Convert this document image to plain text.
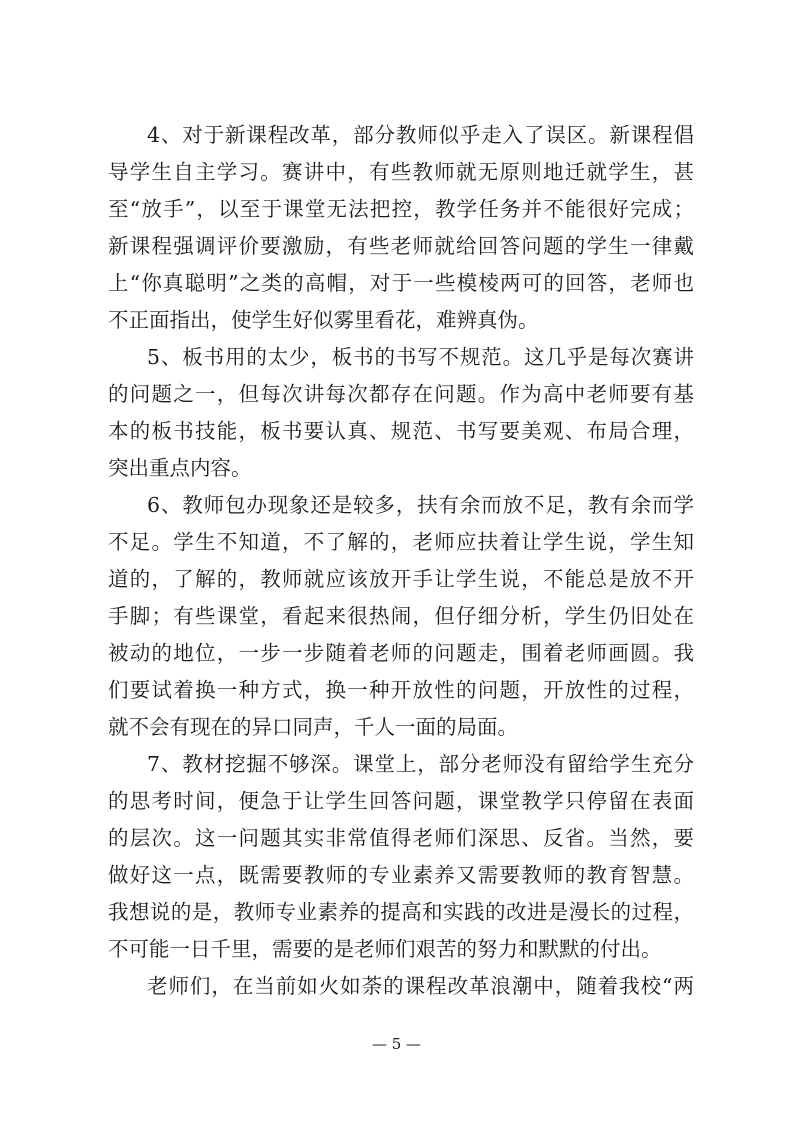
4、对于新课程改革，部分教师似乎走入了误区。新课程倡
导学生自主学习。赛讲中，有些教师就无原则地迁就学生，甚
至“放手”，以至于课堂无法把控，教学任务并不能很好完成；
新课程强调评价要激励，有些老师就给回答问题的学生一律戴
上“你真聪明”之类的高帽，对于一些模棱两可的回答，老师也
不正面指出，使学生好似雾里看花，难辨真伪。
5、板书用的太少，板书的书写不规范。这几乎是每次赛讲
的问题之一，但每次讲每次都存在问题。作为高中老师要有基
本的板书技能，板书要认真、规范、书写要美观、布局合理，
突出重点内容。
6、教师包办现象还是较多，扶有余而放不足，教有余而学
不足。学生不知道，不了解的，老师应扶着让学生说，学生知
道的，了解的，教师就应该放开手让学生说，不能总是放不开
手脚；有些课堂，看起来很热闹，但仔细分析，学生仍旧处在
被动的地位，一步一步随着老师的问题走，围着老师画圆。我
们要试着换一种方式，换一种开放性的问题，开放性的过程，
就不会有现在的异口同声，千人一面的局面。
7、教材挖掘不够深。课堂上，部分老师没有留给学生充分
的思考时间，便急于让学生回答问题，课堂教学只停留在表面
的层次。这一问题其实非常值得老师们深思、反省。当然，要
做好这一点，既需要教师的专业素养又需要教师的教育智慧。
我想说的是，教师专业素养的提高和实践的改进是漫长的过程，
不可能一日千里，需要的是老师们艰苦的努力和默默的付出。
老师们，在当前如火如荼的课程改革浪潮中，随着我校“两
— 5 —
